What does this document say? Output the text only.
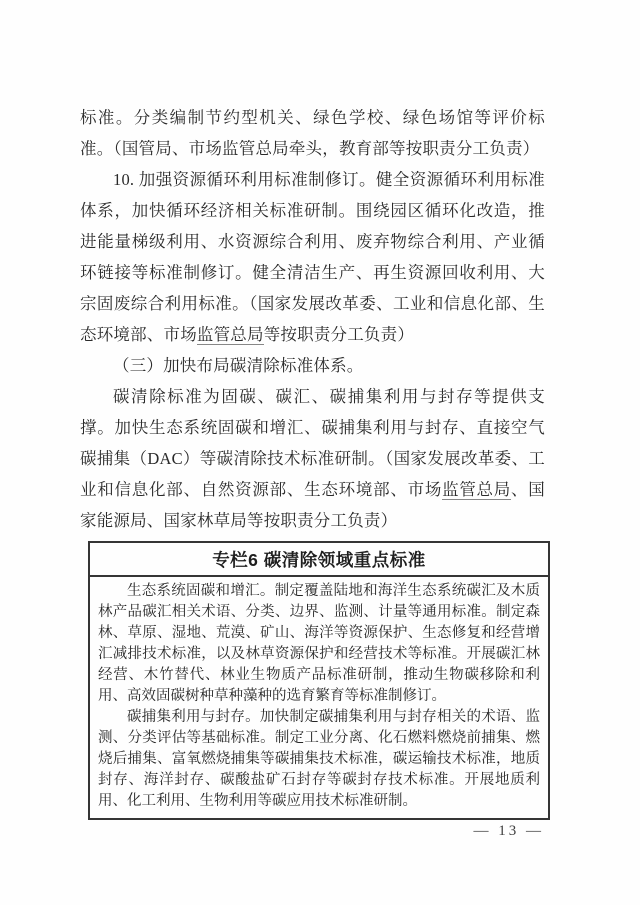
标准。分类编制节约型机关、绿色学校、绿色场馆等评价标准。（国管局、市场监管总局牵头，教育部等按职责分工负责）

10. 加强资源循环利用标准制修订。健全资源循环利用标准体系，加快循环经济相关标准研制。围绕园区循环化改造，推进能量梯级利用、水资源综合利用、废弃物综合利用、产业循环链接等标准制修订。健全清洁生产、再生资源回收利用、大宗固废综合利用标准。（国家发展改革委、工业和信息化部、生态环境部、市场监管总局等按职责分工负责）

（三）加快布局碳清除标准体系。

碳清除标准为固碳、碳汇、碳捕集利用与封存等提供支撑。加快生态系统固碳和增汇、碳捕集利用与封存、直接空气碳捕集（DAC）等碳清除技术标准研制。（国家发展改革委、工业和信息化部、自然资源部、生态环境部、市场监管总局、国家能源局、国家林草局等按职责分工负责）

专栏6 碳清除领域重点标准

生态系统固碳和增汇。制定覆盖陆地和海洋生态系统碳汇及木质林产品碳汇相关术语、分类、边界、监测、计量等通用标准。制定森林、草原、湿地、荒漠、矿山、海洋等资源保护、生态修复和经营增汇减排技术标准，以及林草资源保护和经营技术等标准。开展碳汇林经营、木竹替代、林业生物质产品标准研制，推动生物碳移除和利用、高效固碳树种草种藻种的选育繁育等标准制修订。

碳捕集利用与封存。加快制定碳捕集利用与封存相关的术语、监测、分类评估等基础标准。制定工业分离、化石燃料燃烧前捕集、燃烧后捕集、富氧燃烧捕集等碳捕集技术标准，碳运输技术标准，地质封存、海洋封存、碳酸盐矿石封存等碳封存技术标准。开展地质利用、化工利用、生物利用等碳应用技术标准研制。

— 13 —
